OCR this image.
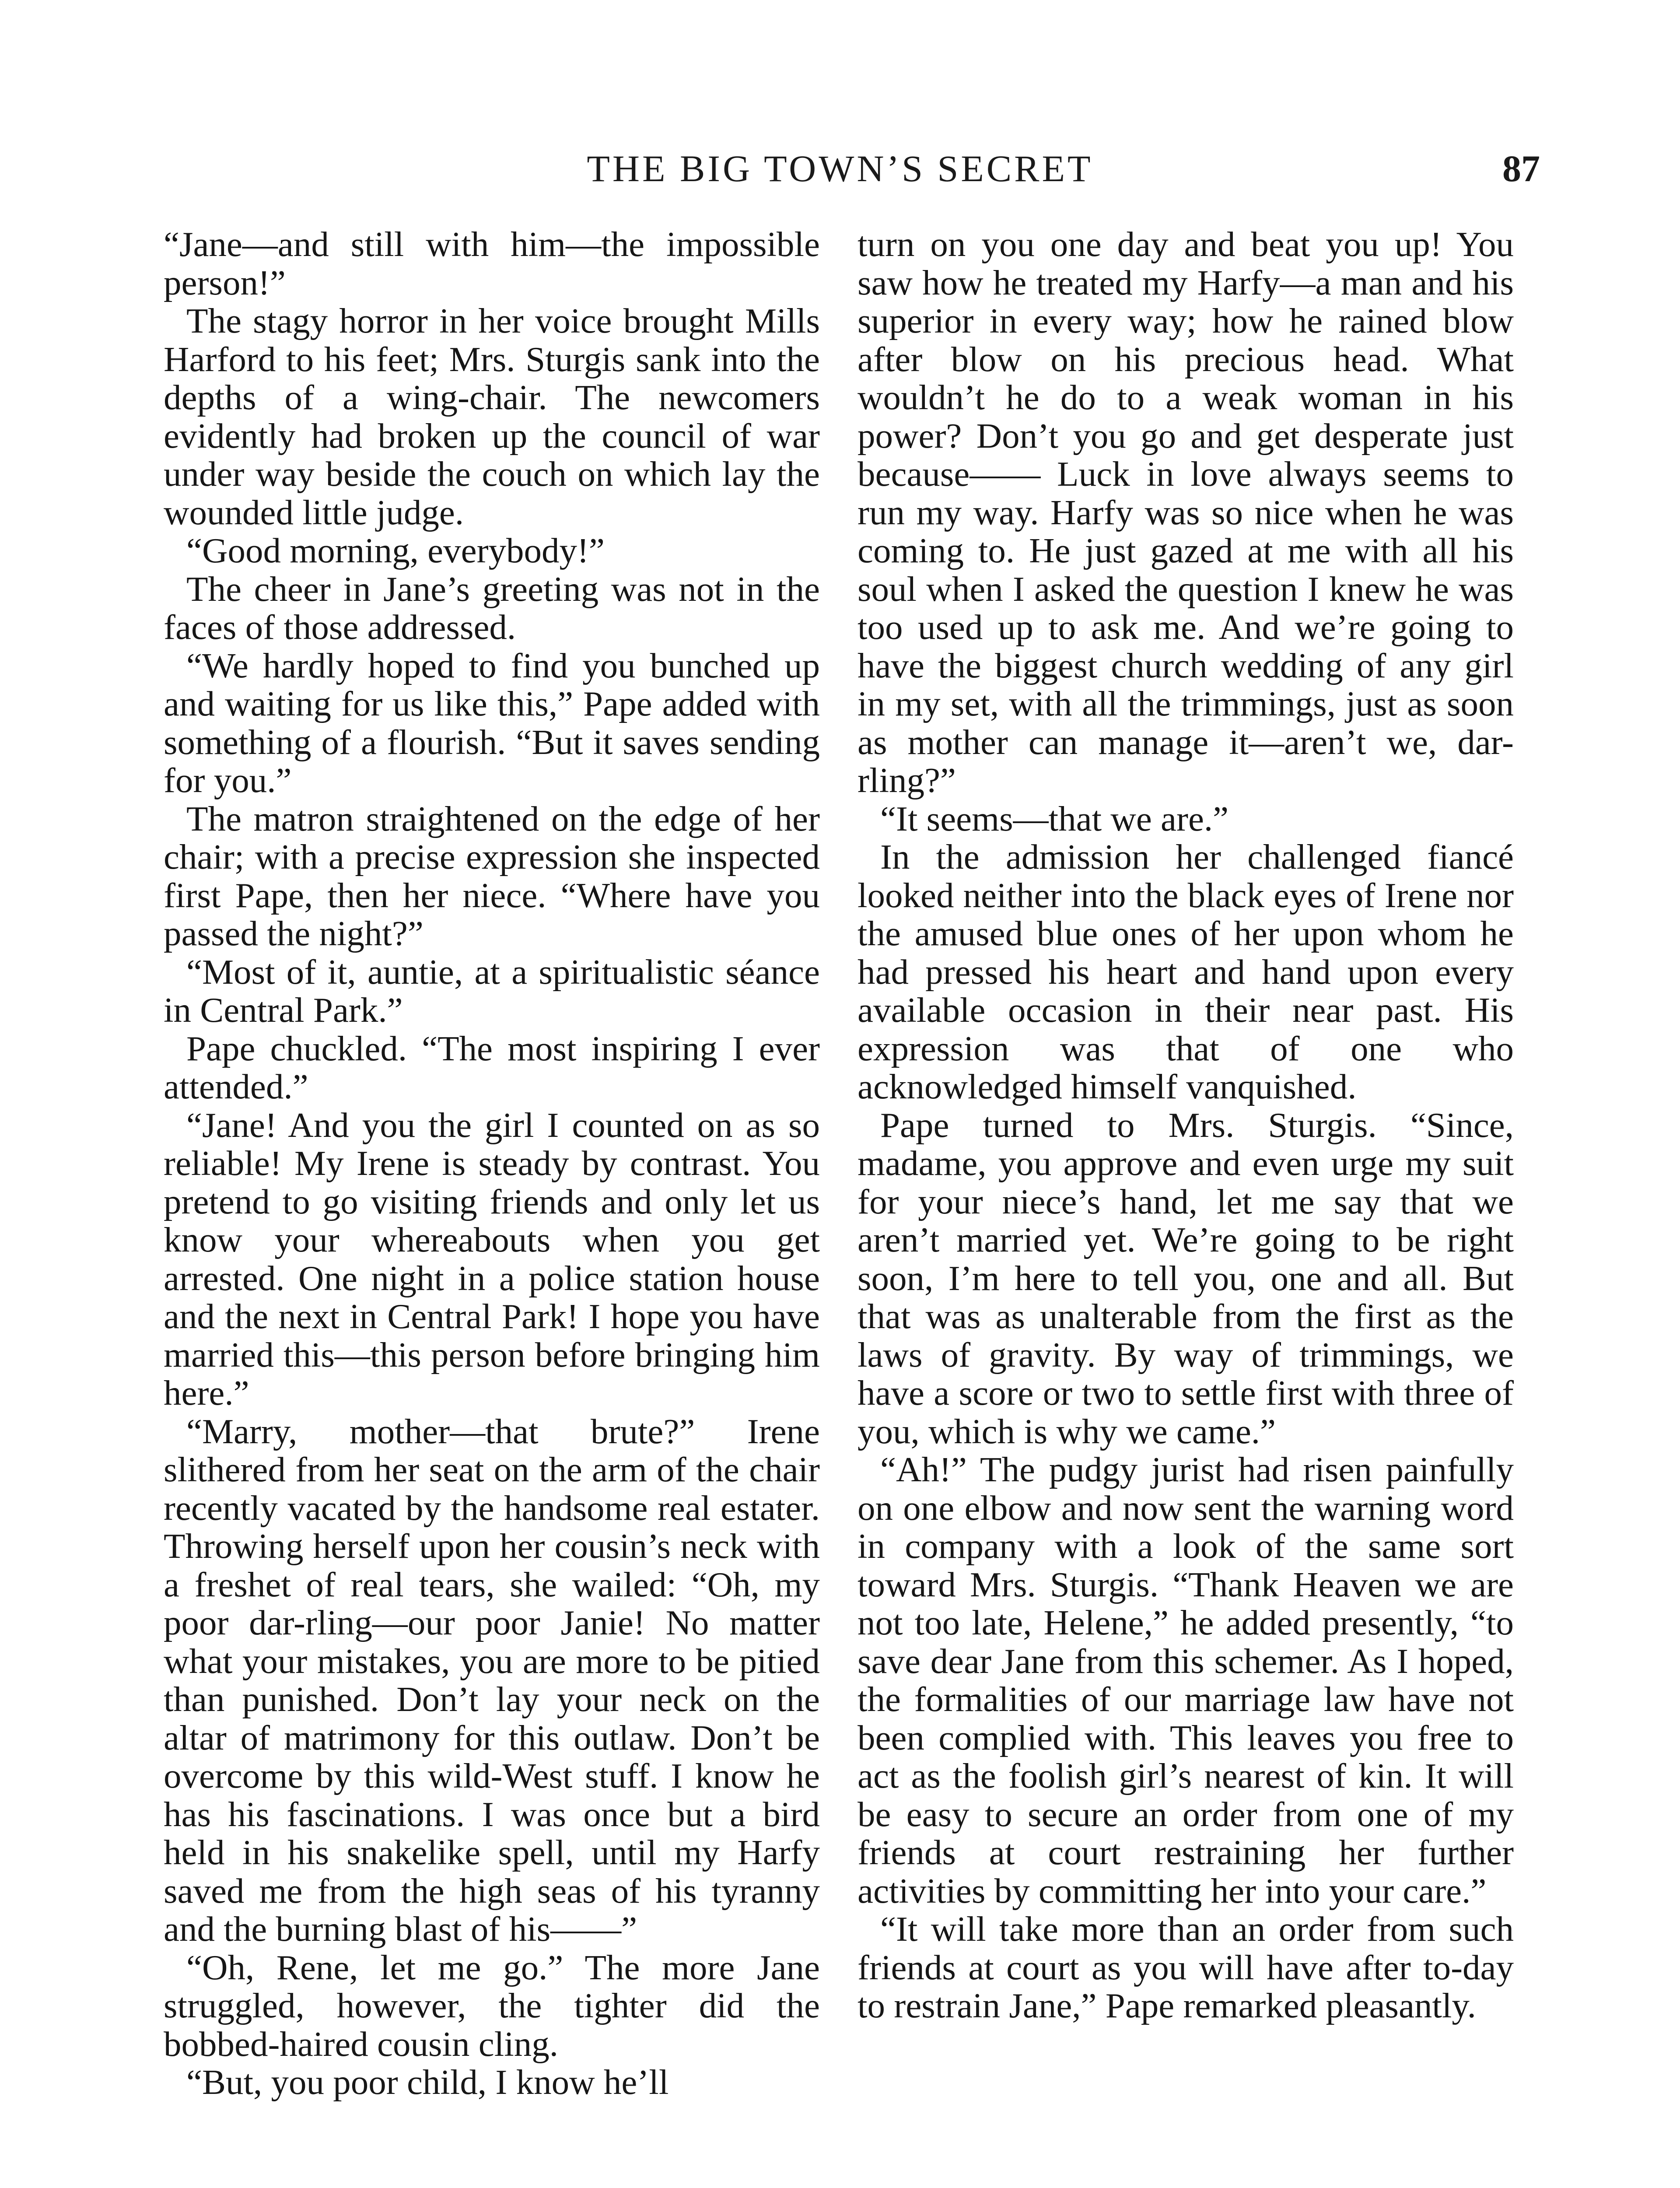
THE BIG TOWN’S SECRET	87

“Jane—and still with him—the impossible person!”

The stagy horror in her voice brought Mills Harford to his feet; Mrs. Sturgis sank into the depths of a wing-chair. The newcomers evidently had broken up the council of war under way beside the couch on which lay the wounded little judge.

“Good morning, everybody!”

The cheer in Jane’s greeting was not in the faces of those addressed.

“We hardly hoped to find you bunched up and waiting for us like this,” Pape added with something of a flourish. “But it saves sending for you.”

The matron straightened on the edge of her chair; with a precise expression she inspected first Pape, then her niece. “Where have you passed the night?”

“Most of it, auntie, at a spiritualistic séance in Central Park.”

Pape chuckled. “The most inspiring I ever attended.”

“Jane! And you the girl I counted on as so reliable! My Irene is steady by contrast. You pretend to go visiting friends and only let us know your whereabouts when you get arrested. One night in a police station house and the next in Central Park! I hope you have married this—this person before bringing him here.”

“Marry, mother—that brute?” Irene slithered from her seat on the arm of the chair recently vacated by the handsome real estater. Throwing herself upon her cousin’s neck with a freshet of real tears, she wailed: “Oh, my poor dar-rling—our poor Janie! No matter what your mistakes, you are more to be pitied than punished. Don’t lay your neck on the altar of matrimony for this outlaw. Don’t be overcome by this wild-West stuff. I know he has his fascinations. I was once but a bird held in his snakelike spell, until my Harfy saved me from the high seas of his tyranny and the burning blast of his——”

“Oh, Rene, let me go.” The more Jane struggled, however, the tighter did the bobbed-haired cousin cling.

“But, you poor child, I know he’ll

turn on you one day and beat you up! You saw how he treated my Harfy—a man and his superior in every way; how he rained blow after blow on his precious head. What wouldn’t he do to a weak woman in his power? Don’t you go and get desperate just because—— Luck in love always seems to run my way. Harfy was so nice when he was coming to. He just gazed at me with all his soul when I asked the question I knew he was too used up to ask me. And we’re going to have the biggest church wedding of any girl in my set, with all the trimmings, just as soon as mother can manage it—aren’t we, dar-rling?”

“It seems—that we are.”

In the admission her challenged fiancé looked neither into the black eyes of Irene nor the amused blue ones of her upon whom he had pressed his heart and hand upon every available occasion in their near past. His expression was that of one who acknowledged himself vanquished.

Pape turned to Mrs. Sturgis. “Since, madame, you approve and even urge my suit for your niece’s hand, let me say that we aren’t married yet. We’re going to be right soon, I’m here to tell you, one and all. But that was as unalterable from the first as the laws of gravity. By way of trimmings, we have a score or two to settle first with three of you, which is why we came.”

“Ah!” The pudgy jurist had risen painfully on one elbow and now sent the warning word in company with a look of the same sort toward Mrs. Sturgis. “Thank Heaven we are not too late, Helene,” he added presently, “to save dear Jane from this schemer. As I hoped, the formalities of our marriage law have not been complied with. This leaves you free to act as the foolish girl’s nearest of kin. It will be easy to secure an order from one of my friends at court restraining her further activities by committing her into your care.”

“It will take more than an order from such friends at court as you will have after to-day to restrain Jane,” Pape remarked pleasantly.
